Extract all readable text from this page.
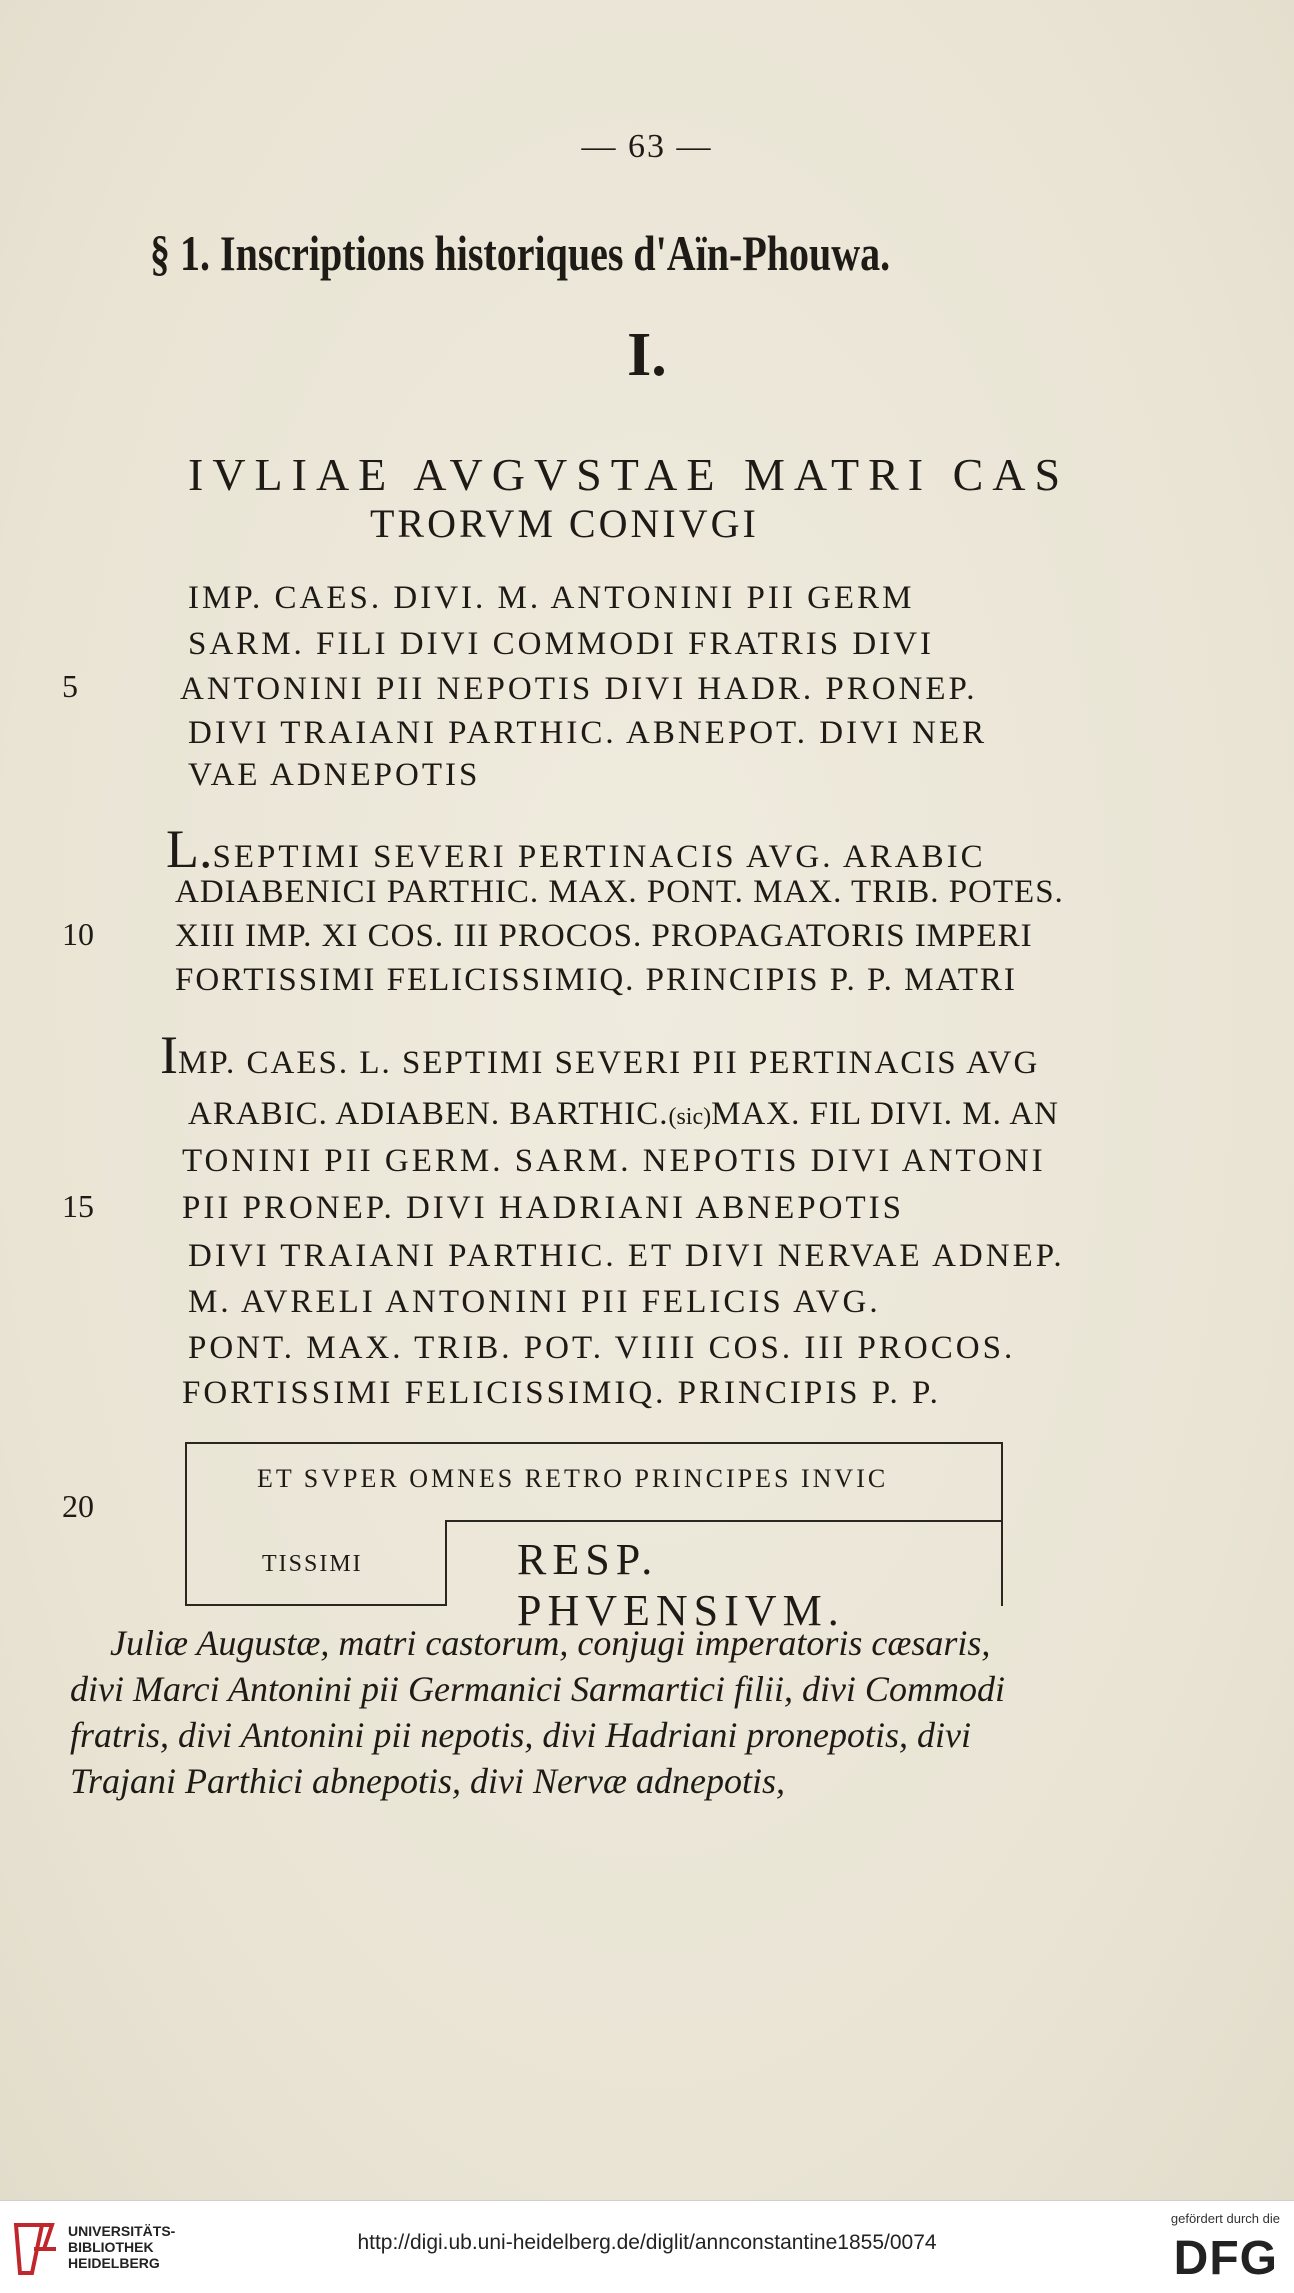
— 63 —
§ 1. Inscriptions historiques d'Aïn-Phouwa.
I.
IVLIAE AVGVSTAE MATRI CAS
TRORVM CONIVGI
IMP. CAES. DIVI. M. ANTONINI PII GERM
SARM. FILI DIVI COMMODI FRATRIS DIVI
ANTONINI PII NEPOTIS DIVI HADR. PRONEP.
DIVI TRAIANI PARTHIC. ABNEPOT. DIVI NER
VAE ADNEPOTIS
L.SEPTIMI SEVERI PERTINACIS AVG. ARABIC
ADIABENICI PARTHIC. MAX. PONT. MAX. TRIB. POTES.
XIII IMP. XI COS. III PROCOS. PROPAGATORIS IMPERI
FORTISSIMI FELICISSIMIQ. PRINCIPIS P. P. MATRI
IMP. CAES. L. SEPTIMI SEVERI PII PERTINACIS AVG
ARABIC. ADIABEN. BARTHIC.(sic)MAX. FIL DIVI. M. AN
TONINI PII GERM. SARM. NEPOTIS DIVI ANTONI
PII PRONEP. DIVI HADRIANI ABNEPOTIS
DIVI TRAIANI PARTHIC. ET DIVI NERVAE ADNEP.
M. AVRELI ANTONINI PII FELICIS AVG.
PONT. MAX. TRIB. POT. VIIII COS. III PROCOS.
FORTISSIMI FELICISSIMIQ. PRINCIPIS P. P.
ET SVPER OMNES RETRO PRINCIPES INVIC
TISSIMI	RESP. PHVENSIVM.
5
10
15
20
Juliæ Augustæ, matri castorum, conjugi imperatoris cæsaris,
divi Marci Antonini pii Germanici Sarmartici filii, divi Commodi
fratris, divi Antonini pii nepotis, divi Hadriani pronepotis, divi
Trajani Parthici abnepotis, divi Nervæ adnepotis,
UNIVERSITÄTS-
BIBLIOTHEK
HEIDELBERG
http://digi.ub.uni-heidelberg.de/diglit/annconstantine1855/0074
gefördert durch die
DFG
